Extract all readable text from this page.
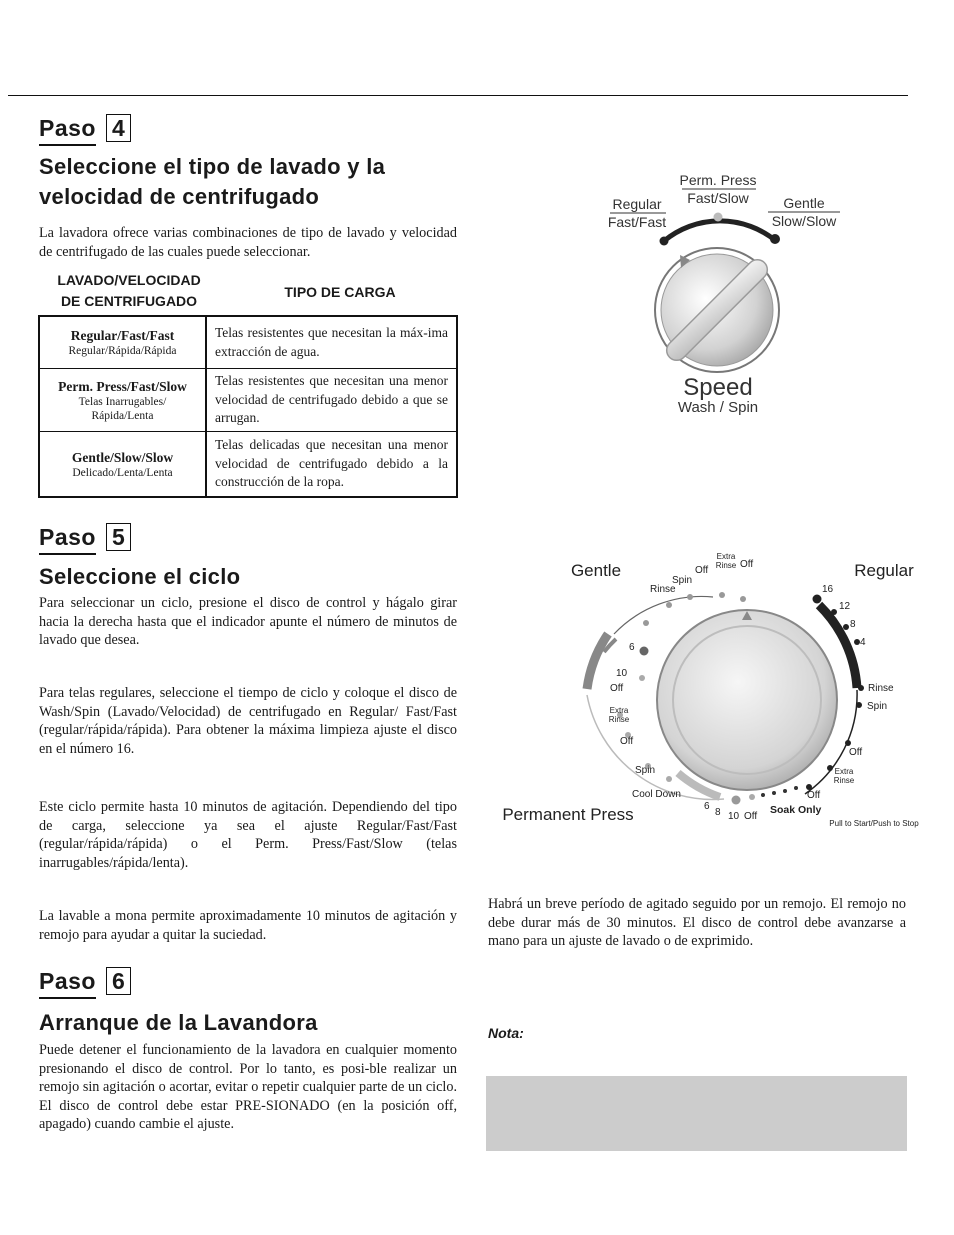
Paso 4
Seleccione el tipo de lavado y la
velocidad de centrifugado
La lavadora ofrece varias combinaciones de tipo de lavado y velocidad de centrifugado de las cuales puede seleccionar.
LAVADO/VELOCIDAD
DE CENTRIFUGADO
TIPO DE CARGA
Regular/Fast/Fast
Regular/Rápida/Rápida
Telas resistentes que necesitan la máx-ima extracción de agua.
Perm. Press/Fast/Slow
Telas Inarrugables/ Rápida/Lenta
Telas resistentes que necesitan una menor velocidad de centrifugado debido a que se arrugan.
Gentle/Slow/Slow
Delicado/Lenta/Lenta
Telas delicadas que necesitan una menor velocidad de centrifugado debido a la construcción de la ropa.
Regular
Fast/Fast
Perm. Press
Fast/Slow Gentle
Slow/Slow
Speed
Wash / Spin
Paso 5
Seleccione el ciclo
Para seleccionar un ciclo, presione el disco de control y hágalo girar hacia la derecha hasta que el indicador apunte el número de minutos de lavado que desea.
Para telas regulares, seleccione el tiempo de ciclo y coloque el disco de Wash/Spin (Lavado/Velocidad) de centrifugado en Regular/ Fast/Fast (regular/rápida/rápida). Para obtener la máxima limpieza ajuste el disco en el número 16.
Este ciclo permite hasta 10 minutos de agitación. Dependiendo del tipo de carga, seleccione ya sea el ajuste Regular/Fast/Fast (regular/rápida/rápida) o el Perm. Press/Fast/Slow (telas inarrugables/rápida/lenta).
La lavable a mona permite aproximadamente 10 minutos de agitación y remojo para ayudar a quitar la suciedad.
Gentle	Regular
Permanent Press	Pull to Start/Push to Stop
Extra
Rinse Off
Off
Spin
Rinse
6
10
Off
Extra
Rinse
Off
Spin
Cool Down
6
8 10 Off
Soak Only
Off
Extra
Rinse
Off
Spin
Rinse
16
12
8
4
Habrá un breve período de agitado seguido por un remojo. El remojo no debe durar más de 30 minutos. El disco de control debe avanzarse a mano para un ajuste de lavado o de exprimido.
Nota:
Paso 6
Arranque de la Lavandora
Puede detener el funcionamiento de la lavadora en cualquier momento presionando el disco de control. Por lo tanto, es posi-ble realizar un remojo sin agitación o acortar, evitar o repetir cualquier parte de un ciclo. El disco de control debe estar PRE-SIONADO (en la posición off, apagado) cuando cambie el ajuste.
